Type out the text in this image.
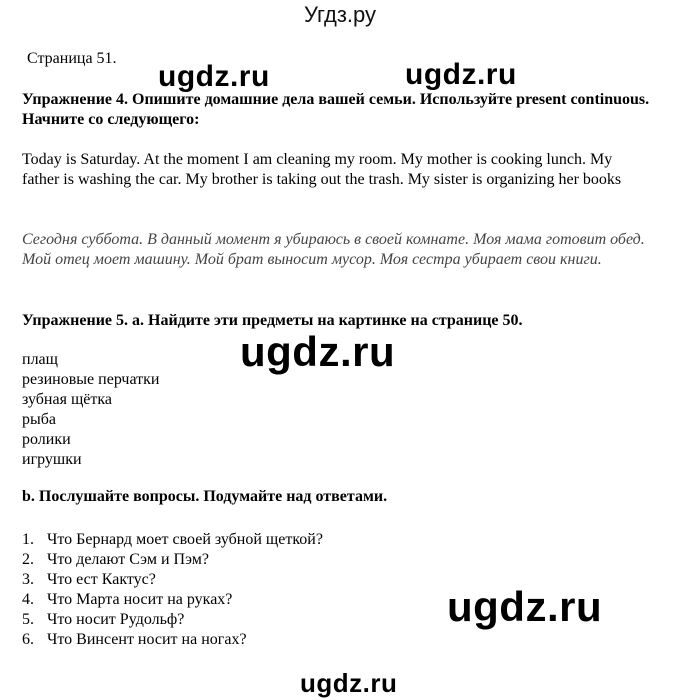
Угдз.ру
Страница 51.
ugdz.ru	ugdz.ru
Упражнение 4. Опишите домашние дела вашей семьи. Используйте present continuous. Начните со следующего:
Today is Saturday. At the moment I am cleaning my room. My mother is cooking lunch. My father is washing the car. My brother is taking out the trash. My sister is organizing her books
Сегодня суббота. В данный момент я убираюсь в своей комнате. Моя мама готовит обед. Мой отец моет машину. Мой брат выносит мусор. Моя сестра убирает свои книги.
Упражнение 5. a. Найдите эти предметы на картинке на странице 50.
ugdz.ru
плащ
резиновые перчатки
зубная щётка
рыба
ролики
игрушки
b. Послушайте вопросы. Подумайте над ответами.
1. Что Бернард моет своей зубной щеткой?
2. Что делают Сэм и Пэм?
3. Что ест Кактус?
4. Что Марта носит на руках?
5. Что носит Рудольф?
6. Что Винсент носит на ногах?
ugdz.ru
ugdz.ru
